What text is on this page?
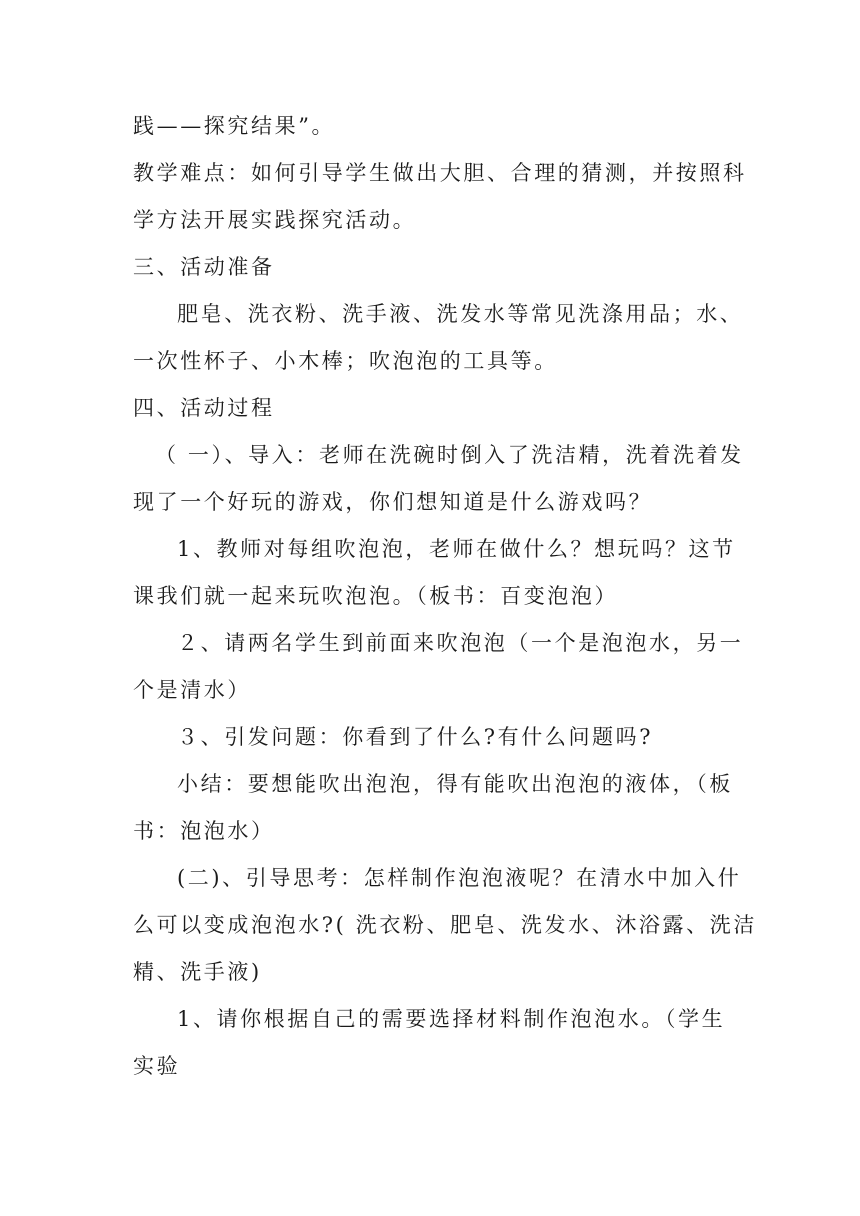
践——探究结果”。
教学难点：如何引导学生做出大胆、合理的猜测，并按照科
学方法开展实践探究活动。
三、活动准备
肥皂、洗衣粉、洗手液、洗发水等常见洗涤用品；水、
一次性杯子、小木棒；吹泡泡的工具等。
四、活动过程
（ 一）、导入：老师在洗碗时倒入了洗洁精，洗着洗着发
现了一个好玩的游戏，你们想知道是什么游戏吗？
1、教师对每组吹泡泡，老师在做什么？想玩吗？这节
课我们就一起来玩吹泡泡。（板书：百变泡泡）
２、请两名学生到前面来吹泡泡（一个是泡泡水，另一
个是清水）
３、引发问题：你看到了什么?有什么问题吗?
小结：要想能吹出泡泡，得有能吹出泡泡的液体，（板
书：泡泡水）
(二)、引导思考：怎样制作泡泡液呢？在清水中加入什
么可以变成泡泡水?( 洗衣粉、肥皂、洗发水、沐浴露、洗洁
精、洗手液)
1、请你根据自己的需要选择材料制作泡泡水。（学生
实验
